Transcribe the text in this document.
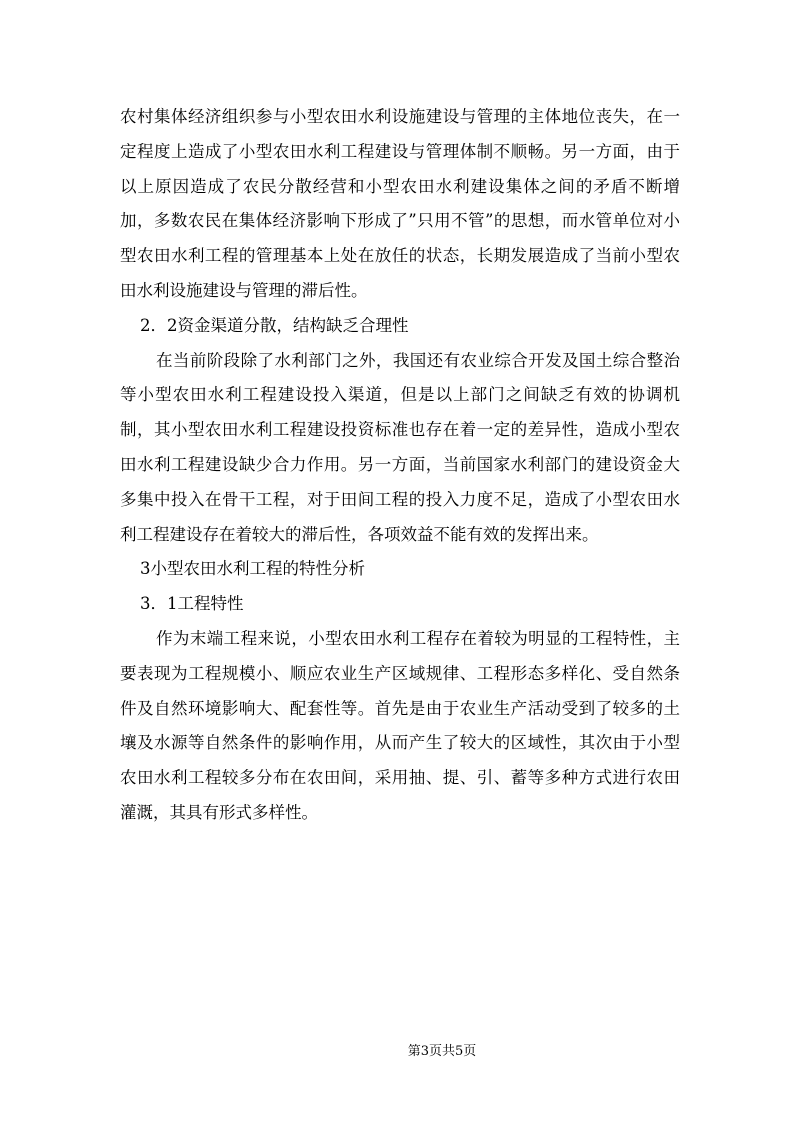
农村集体经济组织参与小型农田水利设施建设与管理的主体地位丧失，在一定程度上造成了小型农田水利工程建设与管理体制不顺畅。另一方面，由于以上原因造成了农民分散经营和小型农田水利建设集体之间的矛盾不断增加，多数农民在集体经济影响下形成了”只用不管”的思想，而水管单位对小型农田水利工程的管理基本上处在放任的状态，长期发展造成了当前小型农田水利设施建设与管理的滞后性。

2．2资金渠道分散，结构缺乏合理性

在当前阶段除了水利部门之外，我国还有农业综合开发及国土综合整治等小型农田水利工程建设投入渠道，但是以上部门之间缺乏有效的协调机制，其小型农田水利工程建设投资标准也存在着一定的差异性，造成小型农田水利工程建设缺少合力作用。另一方面，当前国家水利部门的建设资金大多集中投入在骨干工程，对于田间工程的投入力度不足，造成了小型农田水利工程建设存在着较大的滞后性，各项效益不能有效的发挥出来。

3小型农田水利工程的特性分析

3．1工程特性

作为末端工程来说，小型农田水利工程存在着较为明显的工程特性，主要表现为工程规模小、顺应农业生产区域规律、工程形态多样化、受自然条件及自然环境影响大、配套性等。首先是由于农业生产活动受到了较多的土壤及水源等自然条件的影响作用，从而产生了较大的区域性，其次由于小型农田水利工程较多分布在农田间，采用抽、提、引、蓄等多种方式进行农田灌溉，其具有形式多样性。

第3页共5页
